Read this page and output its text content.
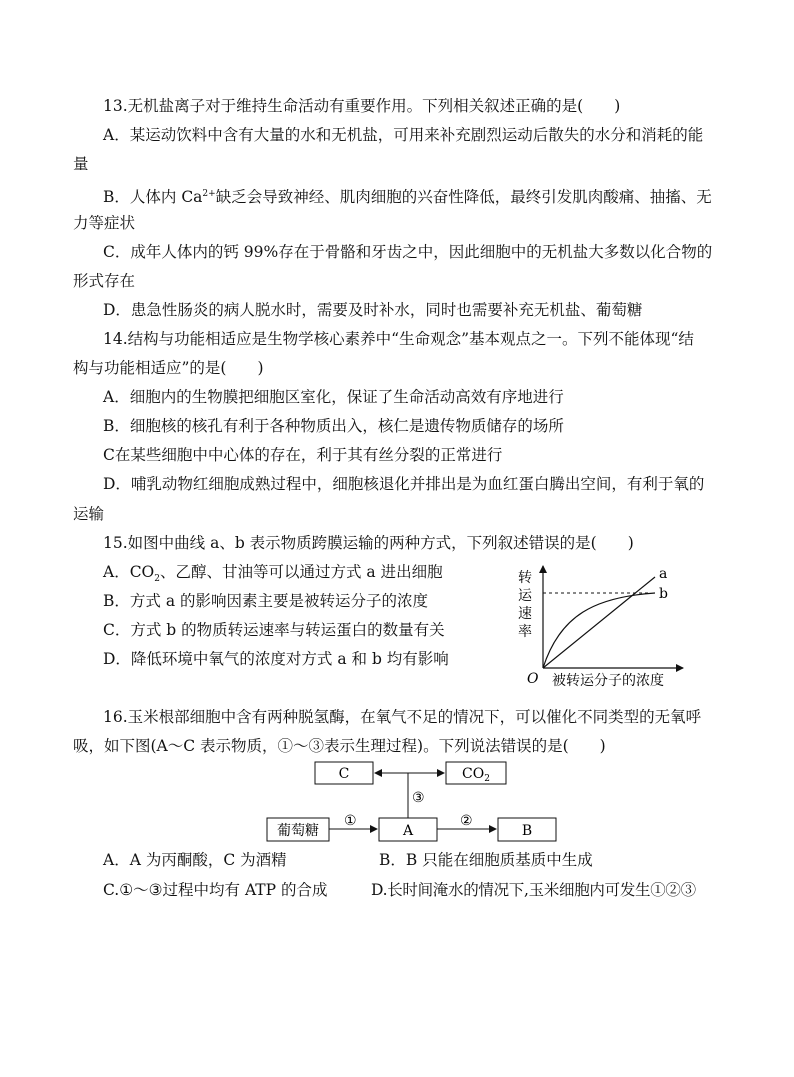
13.无机盐离子对于维持生命活动有重要作用。下列相关叙述正确的是(　　)
A．某运动饮料中含有大量的水和无机盐，可用来补充剧烈运动后散失的水分和消耗的能
量
B．人体内 $Ca^{2+}$缺乏会导致神经、肌肉细胞的兴奋性降低，最终引发肌肉酸痛、抽搐、无
力等症状
C．成年人体内的钙 99%存在于骨骼和牙齿之中，因此细胞中的无机盐大多数以化合物的
形式存在
D．患急性肠炎的病人脱水时，需要及时补水，同时也需要补充无机盐、葡萄糖
14.结构与功能相适应是生物学核心素养中“生命观念”基本观点之一。下列不能体现“结
构与功能相适应”的是(　　)
A．细胞内的生物膜把细胞区室化，保证了生命活动高效有序地进行
B．细胞核的核孔有利于各种物质出入，核仁是遗传物质储存的场所
C在某些细胞中中心体的存在，利于其有丝分裂的正常进行
D．哺乳动物红细胞成熟过程中，细胞核退化并排出是为血红蛋白腾出空间，有利于氧的
运输
15.如图中曲线 a、b 表示物质跨膜运输的两种方式，下列叙述错误的是(　　)
A．$CO_2$、乙醇、甘油等可以通过方式 a 进出细胞
B．方式 a 的影响因素主要是被转运分子的浓度
C．方式 b 的物质转运速率与转运蛋白的数量有关
D．降低环境中氧气的浓度对方式 a 和 b 均有影响
转
运
速
率
a
b
O 被转运分子的浓度
16.玉米根部细胞中含有两种脱氢酶，在氧气不足的情况下，可以催化不同类型的无氧呼
吸，如下图(A～C 表示物质，①～③表示生理过程)。下列说法错误的是(　　)
C	$CO_2$
③
葡萄糖
①
A
②
B
A．A 为丙酮酸，C 为酒精	B．B 只能在细胞质基质中生成
C.①～③过程中均有 ATP 的合成	D.长时间淹水的情况下,玉米细胞内可发生①②③
